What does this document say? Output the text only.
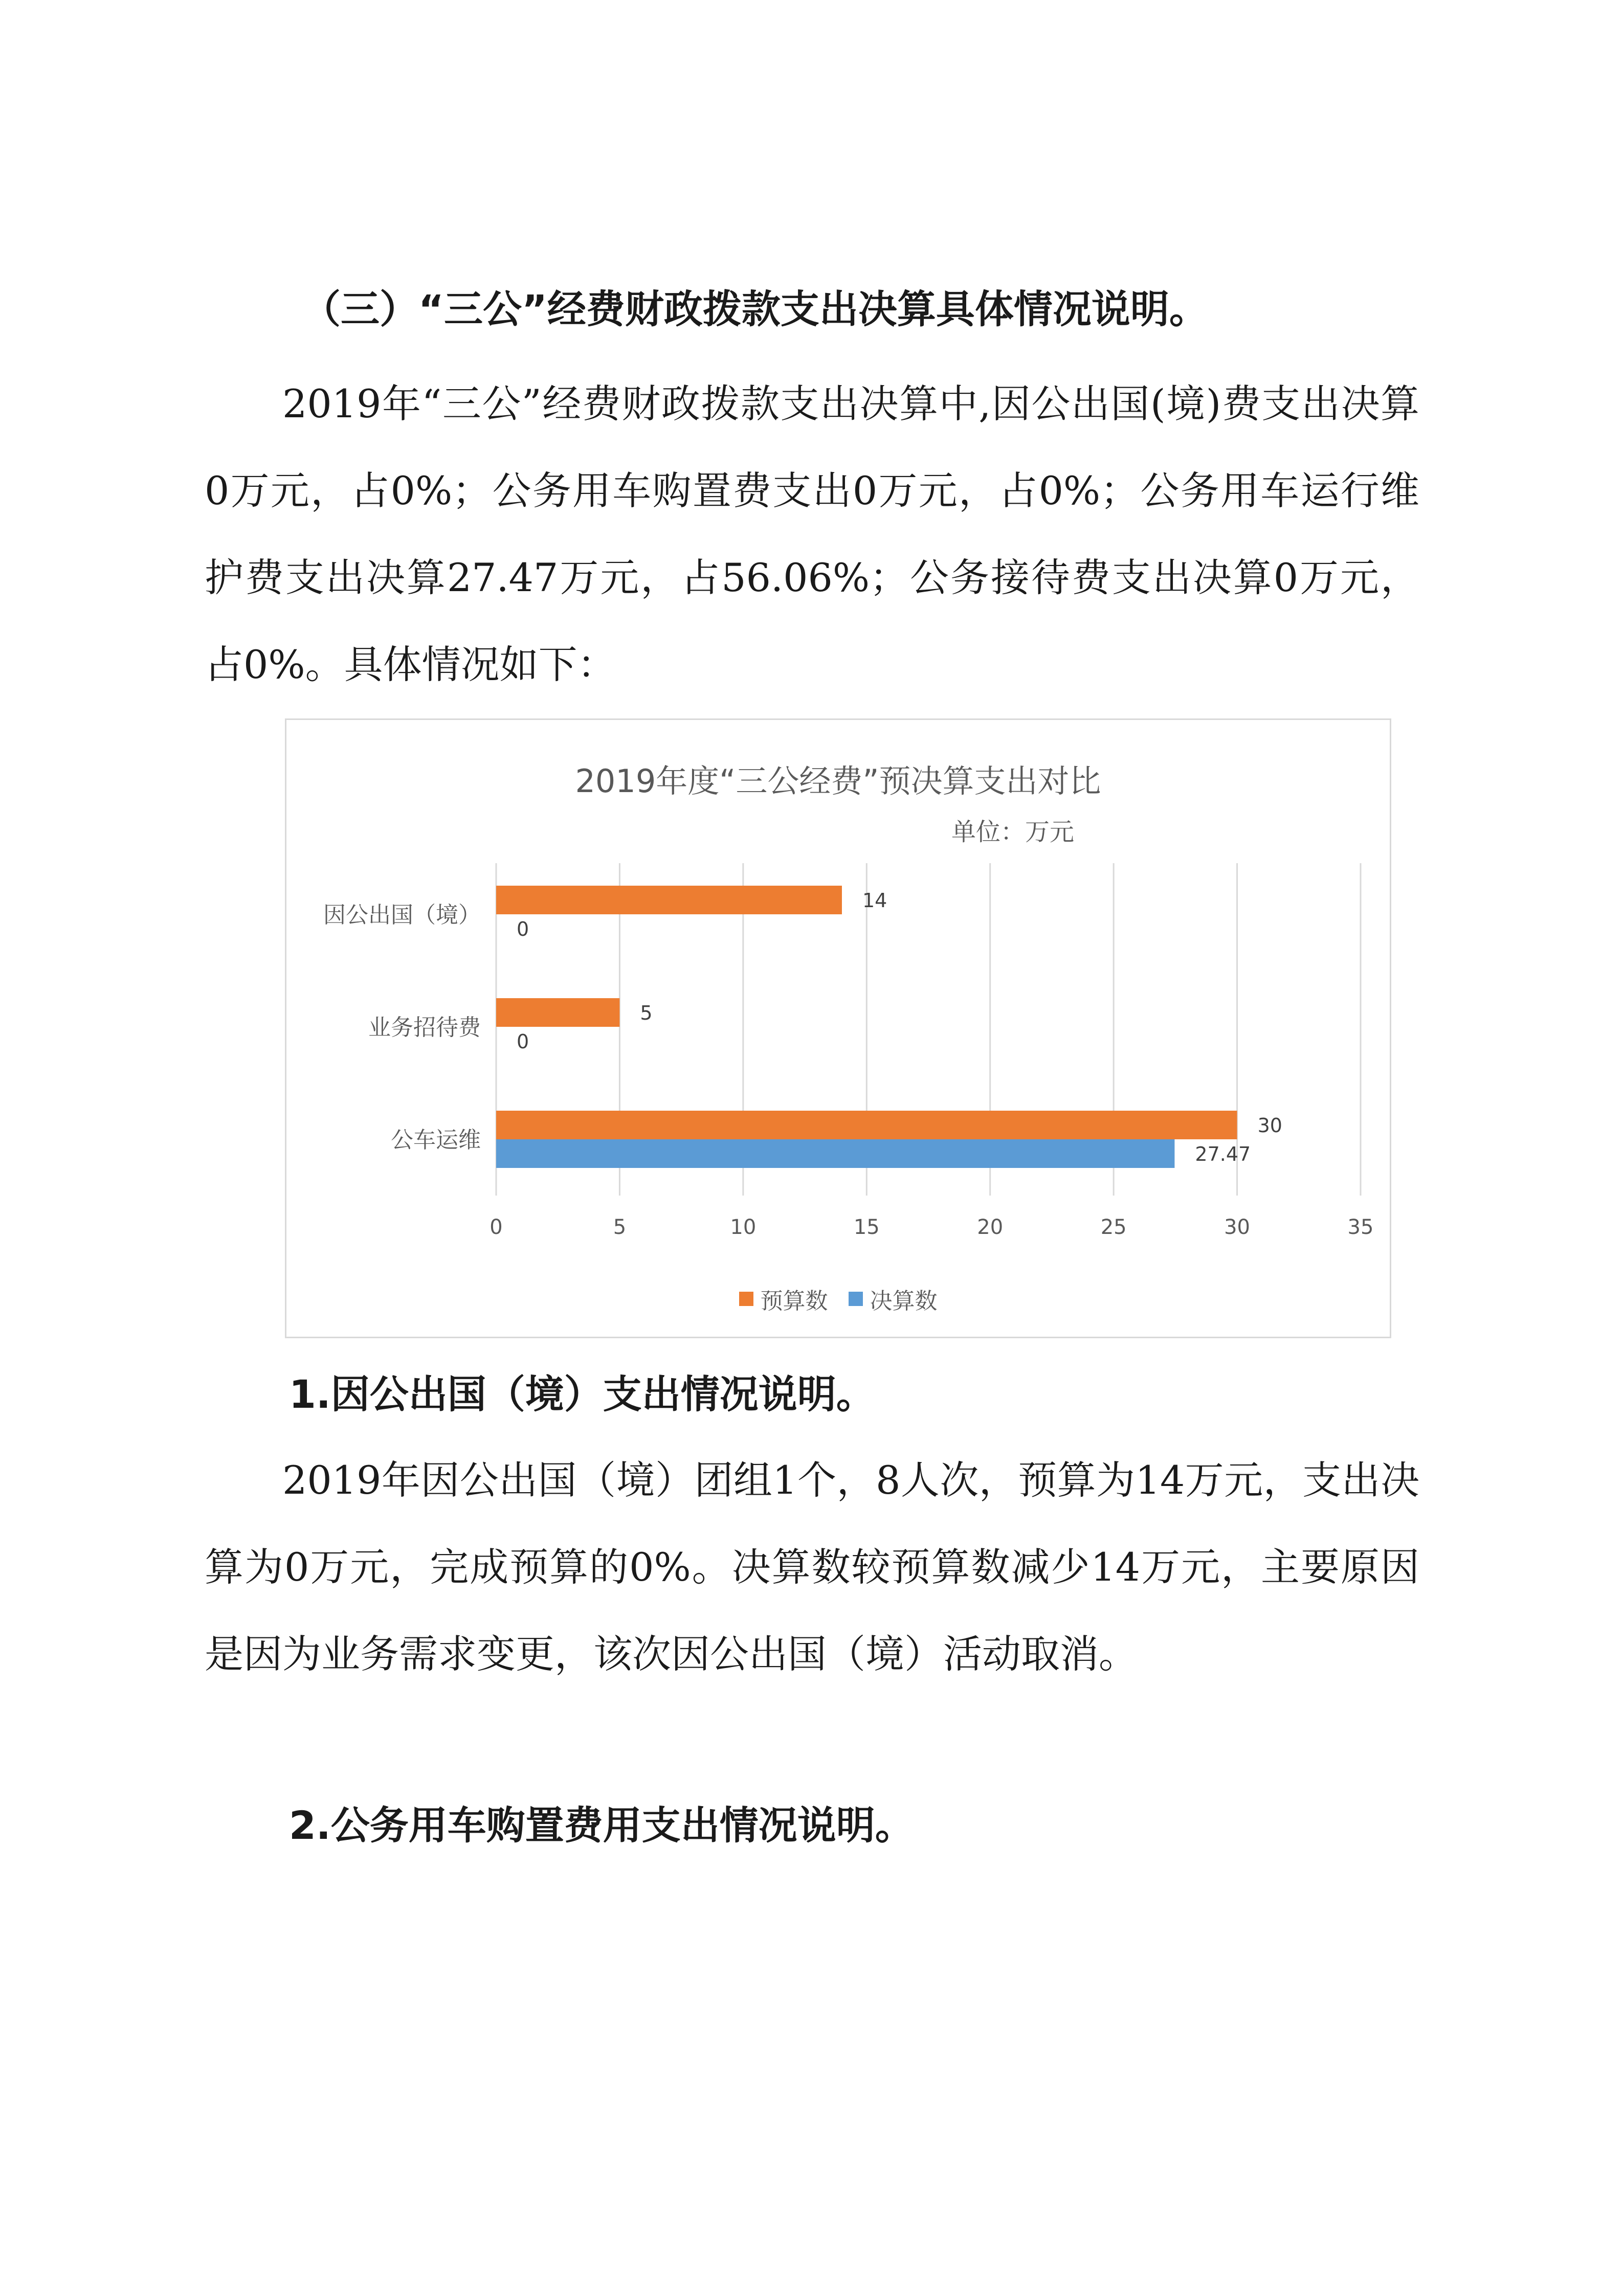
（三）“三公”经费财政拨款支出决算具体情况说明。

2019年“三公”经费财政拨款支出决算中,因公出国(境)费支出决算0万元，占0%；公务用车购置费支出0万元，占0%；公务用车运行维护费支出决算27.47万元，占56.06%；公务接待费支出决算0万元，占0%。具体情况如下：

2019年度“三公经费”预决算支出对比
单位：万元
0	5	10	15	20	25	30	35
因公出国（境）
14
0
业务招待费
5
0
公车运维
30
27.47
预算数 决算数
1.因公出国（境）支出情况说明。

2019年因公出国（境）团组1个，8人次，预算为14万元，支出决算为0万元，完成预算的0%。决算数较预算数减少14万元，主要原因是因为业务需求变更，该次因公出国（境）活动取消。

2.公务用车购置费用支出情况说明。
